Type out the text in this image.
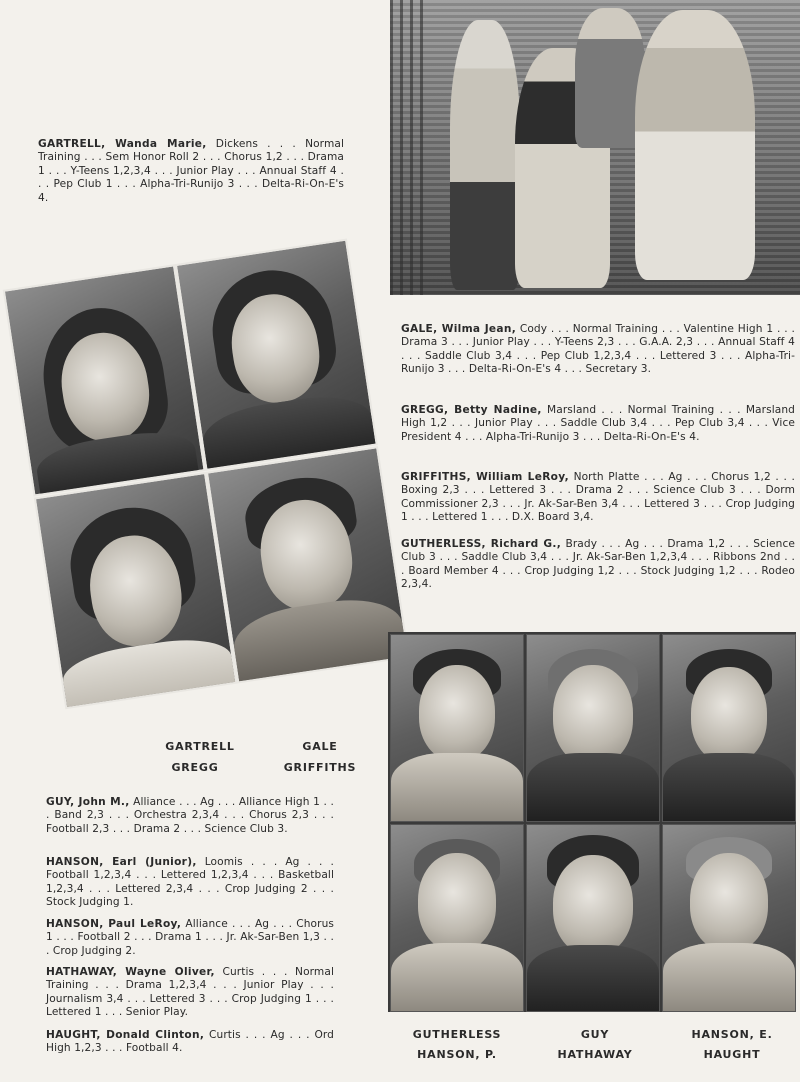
GARTRELL, Wanda Marie, Dickens . . . Normal Training . . . Sem Honor Roll 2 . . . Chorus 1,2 . . . Drama 1 . . . Y-Teens 1,2,3,4 . . . Junior Play . . . Annual Staff 4 . . . Pep Club 1 . . . Alpha-Tri-Runijo 3 . . . Delta-Ri-On-E's 4.

GALE, Wilma Jean, Cody . . . Normal Training . . . Valentine High 1 . . . Drama 3 . . . Junior Play . . . Y-Teens 2,3 . . . G.A.A. 2,3 . . . Annual Staff 4 . . . Saddle Club 3,4 . . . Pep Club 1,2,3,4 . . . Lettered 3 . . . Alpha-Tri-Runijo 3 . . . Delta-Ri-On-E's 4 . . . Secretary 3.

GREGG, Betty Nadine, Marsland . . . Normal Training . . . Marsland High 1,2 . . . Junior Play . . . Saddle Club 3,4 . . . Pep Club 3,4 . . . Vice President 4 . . . Alpha-Tri-Runijo 3 . . . Delta-Ri-On-E's 4.

GRIFFITHS, William LeRoy, North Platte . . . Ag . . . Chorus 1,2 . . . Boxing 2,3 . . . Lettered 3 . . . Drama 2 . . . Science Club 3 . . . Dorm Commissioner 2,3 . . . Jr. Ak-Sar-Ben 3,4 . . . Lettered 3 . . . Crop Judging 1 . . . Lettered 1 . . . D.X. Board 3,4.

GUTHERLESS, Richard G., Brady . . . Ag . . . Drama 1,2 . . . Science Club 3 . . . Saddle Club 3,4 . . . Jr. Ak-Sar-Ben 1,2,3,4 . . . Ribbons 2nd . . . Board Member 4 . . . Crop Judging 1,2 . . . Stock Judging 1,2 . . . Rodeo 2,3,4.

GARTRELL	GALE
GREGG	GRIFFITHS

GUY, John M., Alliance . . . Ag . . . Alliance High 1 . . . Band 2,3 . . . Orchestra 2,3,4 . . . Chorus 2,3 . . . Football 2,3 . . . Drama 2 . . . Science Club 3.

HANSON, Earl (Junior), Loomis . . . Ag . . . Football 1,2,3,4 . . . Lettered 1,2,3,4 . . . Basketball 1,2,3,4 . . . Lettered 2,3,4 . . . Crop Judging 2 . . . Stock Judging 1.

HANSON, Paul LeRoy, Alliance . . . Ag . . . Chorus 1 . . . Football 2 . . . Drama 1 . . . Jr. Ak-Sar-Ben 1,3 . . . Crop Judging 2.

HATHAWAY, Wayne Oliver, Curtis . . . Normal Training . . . Drama 1,2,3,4 . . . Junior Play . . . Journalism 3,4 . . . Lettered 3 . . . Crop Judging 1 . . . Lettered 1 . . . Senior Play.

HAUGHT, Donald Clinton, Curtis . . . Ag . . . Ord High 1,2,3 . . . Football 4.

GUTHERLESS	GUY	HANSON, E.
HANSON, P.	HATHAWAY	HAUGHT
